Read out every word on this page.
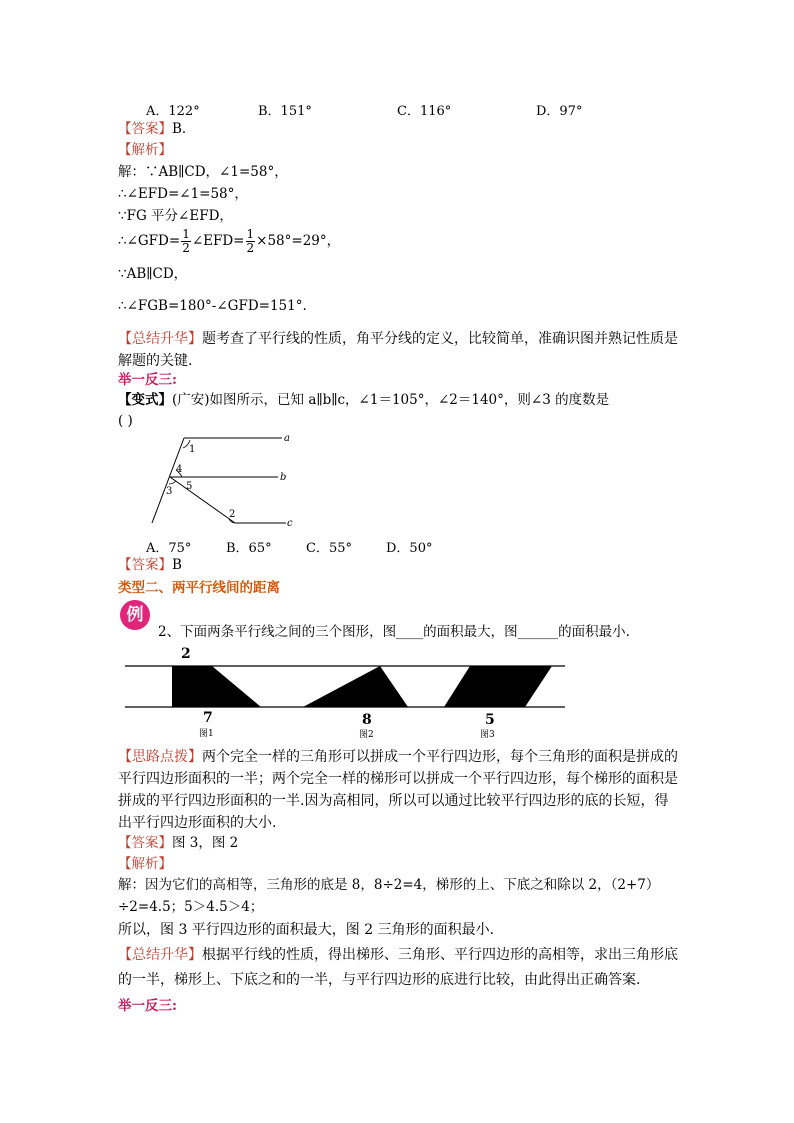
A．122°	B．151°	C．116°	D．97°
【答案】B．
【解析】
解：∵AB∥CD，∠1=58°，
∴∠EFD=∠1=58°，
∵FG 平分∠EFD，
∴∠GFD= $\frac{1}{2}$ ∠EFD= $\frac{1}{2} \times 58^\circ=29^\circ$，
∵AB∥CD，
∴∠FGB=180°-∠GFD=151°.
【总结升华】题考查了平行线的性质，角平分线的定义，比较简单，准确识图并熟记性质是
解题的关键.
举一反三:
【变式】(广安)如图所示，已知 a∥b∥c，∠1＝105°，∠2＝140°，则∠3 的度数是
( )
a
b
c
1
4
3 5
2
A．75°	B．65°	C．55°	D．50°
【答案】B
类型二、两平行线间的距离
例
2、下面两条平行线之间的三个图形，图____的面积最大，图______的面积最小.
2
7	8	5
图1	图2	图3
【思路点拨】两个完全一样的三角形可以拼成一个平行四边形，每个三角形的面积是拼成的
平行四边形面积的一半；两个完全一样的梯形可以拼成一个平行四边形，每个梯形的面积是
拼成的平行四边形面积的一半.因为高相同，所以可以通过比较平行四边形的底的长短，得
出平行四边形面积的大小.
【答案】图 3，图 2
【解析】
解：因为它们的高相等，三角形的底是 8，8÷2=4，梯形的上、下底之和除以 2，（2+7）
÷2=4.5；5＞4.5＞4；
所以，图 3 平行四边形的面积最大，图 2 三角形的面积最小.
【总结升华】根据平行线的性质，得出梯形、三角形、平行四边形的高相等，求出三角形底
的一半，梯形上、下底之和的一半，与平行四边形的底进行比较，由此得出正确答案.
举一反三:
